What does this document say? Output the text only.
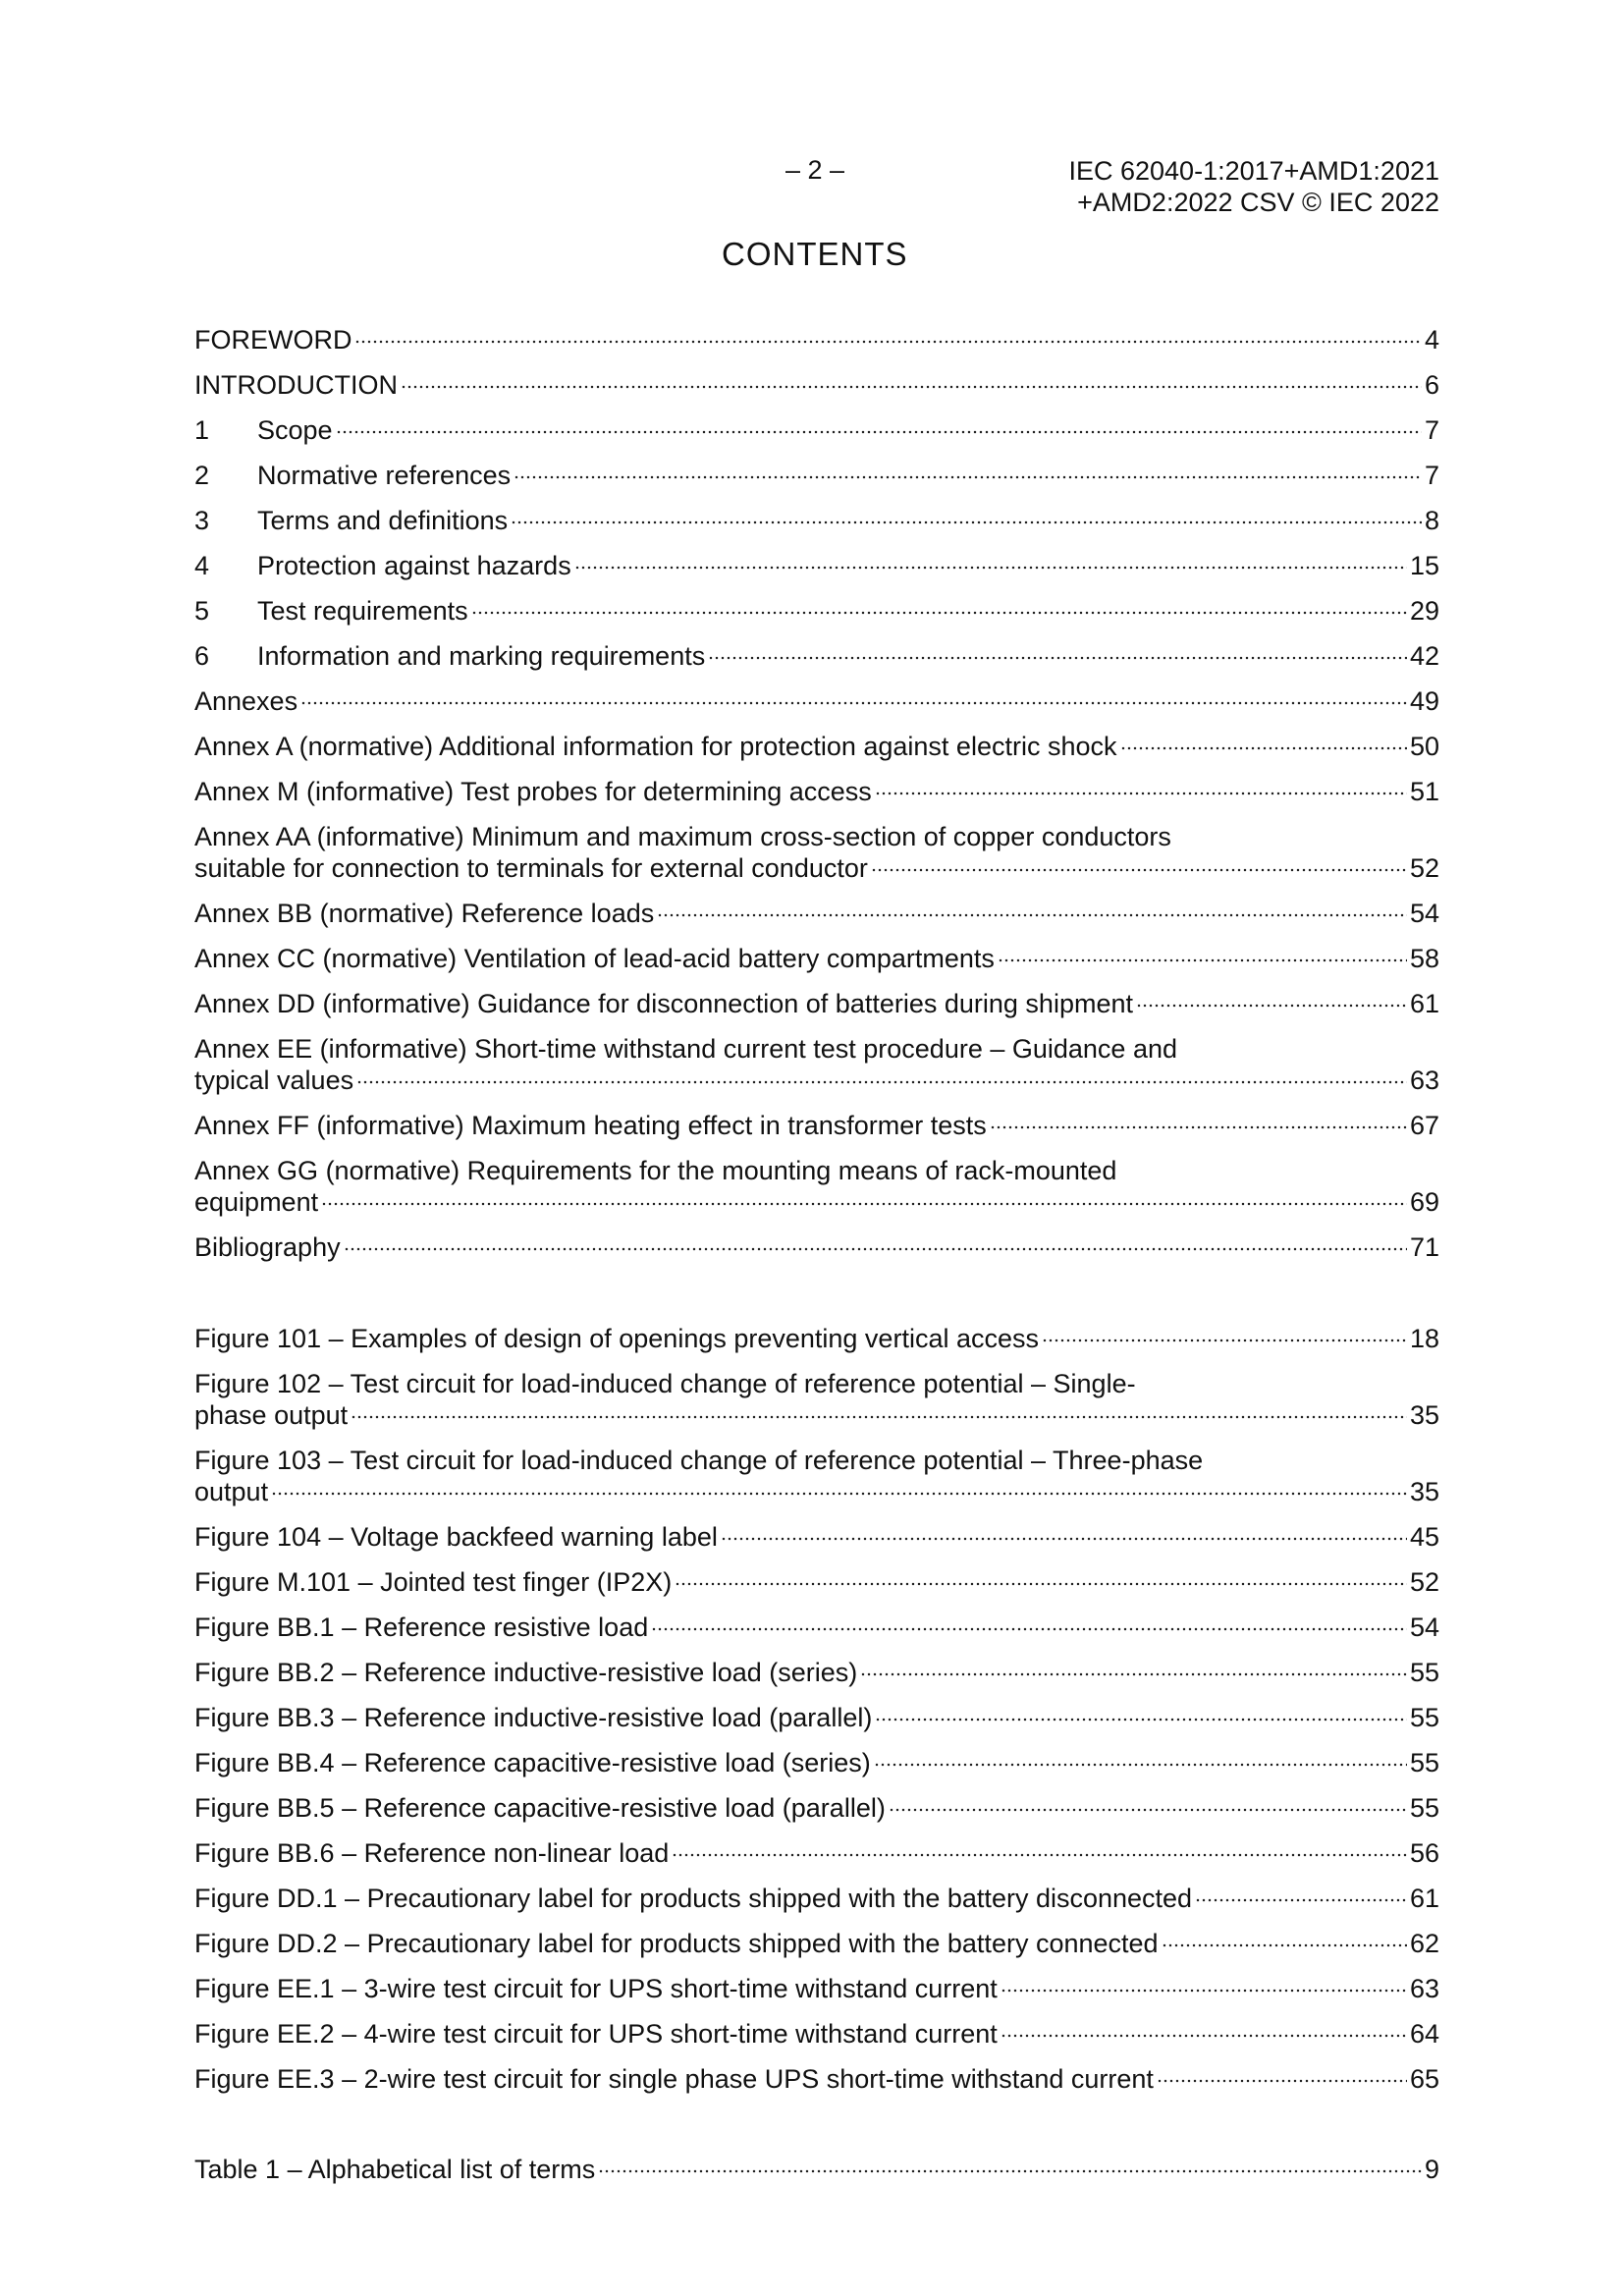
– 2 –	IEC 62040-1:2017+AMD1:2021
+AMD2:2022 CSV © IEC 2022
CONTENTS
FOREWORD	4
INTRODUCTION	6
1 Scope	7
2 Normative references	7
3 Terms and definitions	8
4 Protection against hazards	15
5 Test requirements	29
6 Information and marking requirements	42
Annexes	49
Annex A (normative) Additional information for protection against electric shock	50
Annex M (informative) Test probes for determining access	51
Annex AA (informative) Minimum and maximum cross-section of copper conductors
suitable for connection to terminals for external conductor	52
Annex BB (normative) Reference loads	54
Annex CC (normative) Ventilation of lead-acid battery compartments	58
Annex DD (informative) Guidance for disconnection of batteries during shipment	61
Annex EE (informative) Short-time withstand current test procedure – Guidance and
typical values	63
Annex FF (informative) Maximum heating effect in transformer tests	67
Annex GG (normative) Requirements for the mounting means of rack-mounted
equipment	69
Bibliography	71
Figure 101 – Examples of design of openings preventing vertical access	18
Figure 102 – Test circuit for load-induced change of reference potential – Single-
phase output	35
Figure 103 – Test circuit for load-induced change of reference potential – Three-phase
output	35
Figure 104 – Voltage backfeed warning label	45
Figure M.101 – Jointed test finger (IP2X)	52
Figure BB.1 – Reference resistive load	54
Figure BB.2 – Reference inductive-resistive load (series)	55
Figure BB.3 – Reference inductive-resistive load (parallel)	55
Figure BB.4 – Reference capacitive-resistive load (series)	55
Figure BB.5 – Reference capacitive-resistive load (parallel)	55
Figure BB.6 – Reference non-linear load	56
Figure DD.1 – Precautionary label for products shipped with the battery disconnected	61
Figure DD.2 – Precautionary label for products shipped with the battery connected	62
Figure EE.1 – 3-wire test circuit for UPS short-time withstand current	63
Figure EE.2 – 4-wire test circuit for UPS short-time withstand current	64
Figure EE.3 – 2-wire test circuit for single phase UPS short-time withstand current	65
Table 1 – Alphabetical list of terms	9
